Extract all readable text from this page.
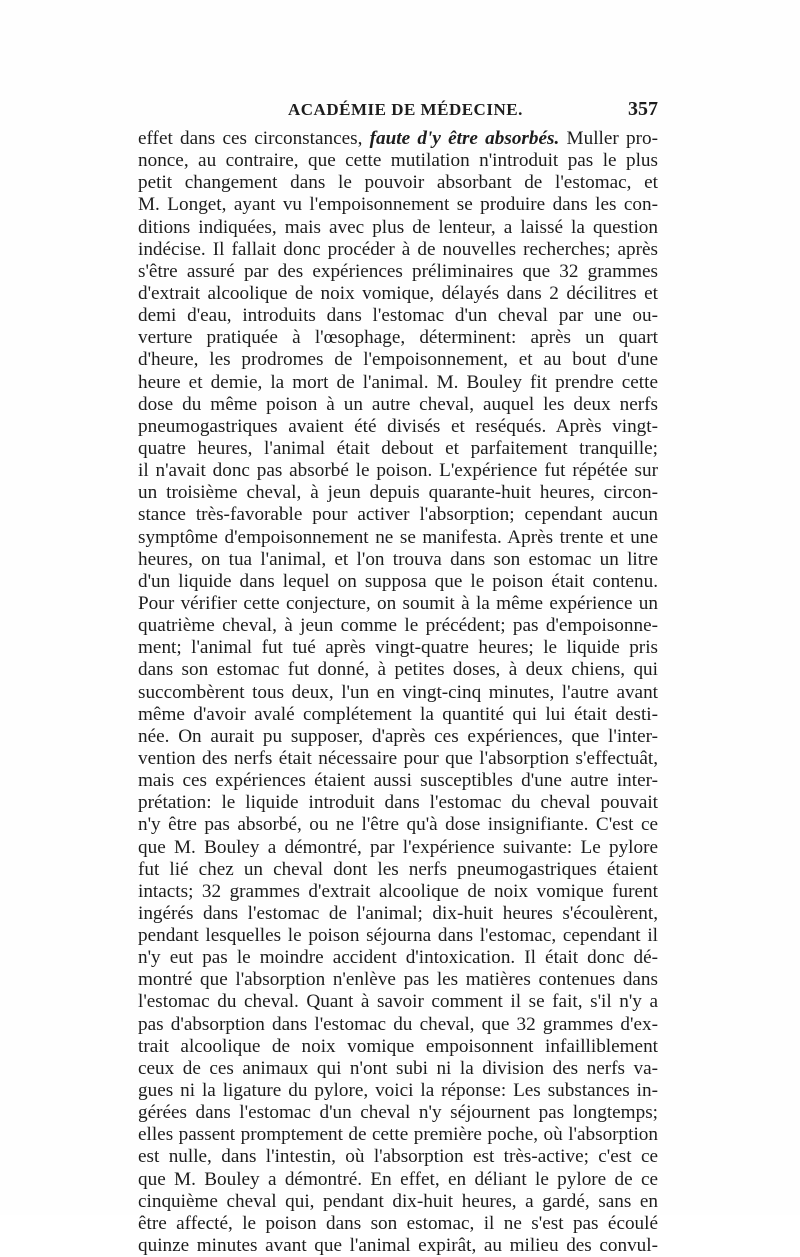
ACADÉMIE DE MÉDECINE.	357
effet dans ces circonstances, faute d'y être absorbés. Muller pro-
nonce, au contraire, que cette mutilation n'introduit pas le plus
petit changement dans le pouvoir absorbant de l'estomac, et
M. Longet, ayant vu l'empoisonnement se produire dans les con-
ditions indiquées, mais avec plus de lenteur, a laissé la question
indécise. Il fallait donc procéder à de nouvelles recherches; après
s'être assuré par des expériences préliminaires que 32 grammes
d'extrait alcoolique de noix vomique, délayés dans 2 décilitres et
demi d'eau, introduits dans l'estomac d'un cheval par une ou-
verture pratiquée à l'œsophage, déterminent: après un quart
d'heure, les prodromes de l'empoisonnement, et au bout d'une
heure et demie, la mort de l'animal. M. Bouley fit prendre cette
dose du même poison à un autre cheval, auquel les deux nerfs
pneumogastriques avaient été divisés et reséqués. Après vingt-
quatre heures, l'animal était debout et parfaitement tranquille;
il n'avait donc pas absorbé le poison. L'expérience fut répétée sur
un troisième cheval, à jeun depuis quarante-huit heures, circon-
stance très-favorable pour activer l'absorption; cependant aucun
symptôme d'empoisonnement ne se manifesta. Après trente et une
heures, on tua l'animal, et l'on trouva dans son estomac un litre
d'un liquide dans lequel on supposa que le poison était contenu.
Pour vérifier cette conjecture, on soumit à la même expérience un
quatrième cheval, à jeun comme le précédent; pas d'empoisonne-
ment; l'animal fut tué après vingt-quatre heures; le liquide pris
dans son estomac fut donné, à petites doses, à deux chiens, qui
succombèrent tous deux, l'un en vingt-cinq minutes, l'autre avant
même d'avoir avalé complétement la quantité qui lui était desti-
née. On aurait pu supposer, d'après ces expériences, que l'inter-
vention des nerfs était nécessaire pour que l'absorption s'effectuât,
mais ces expériences étaient aussi susceptibles d'une autre inter-
prétation: le liquide introduit dans l'estomac du cheval pouvait
n'y être pas absorbé, ou ne l'être qu'à dose insignifiante. C'est ce
que M. Bouley a démontré, par l'expérience suivante: Le pylore
fut lié chez un cheval dont les nerfs pneumogastriques étaient
intacts; 32 grammes d'extrait alcoolique de noix vomique furent
ingérés dans l'estomac de l'animal; dix-huit heures s'écoulèrent,
pendant lesquelles le poison séjourna dans l'estomac, cependant il
n'y eut pas le moindre accident d'intoxication. Il était donc dé-
montré que l'absorption n'enlève pas les matières contenues dans
l'estomac du cheval. Quant à savoir comment il se fait, s'il n'y a
pas d'absorption dans l'estomac du cheval, que 32 grammes d'ex-
trait alcoolique de noix vomique empoisonnent infailliblement
ceux de ces animaux qui n'ont subi ni la division des nerfs va-
gues ni la ligature du pylore, voici la réponse: Les substances in-
gérées dans l'estomac d'un cheval n'y séjournent pas longtemps;
elles passent promptement de cette première poche, où l'absorption
est nulle, dans l'intestin, où l'absorption est très-active; c'est ce
que M. Bouley a démontré. En effet, en déliant le pylore de ce
cinquième cheval qui, pendant dix-huit heures, a gardé, sans en
être affecté, le poison dans son estomac, il ne s'est pas écoulé
quinze minutes avant que l'animal expirât, au milieu des convul-
